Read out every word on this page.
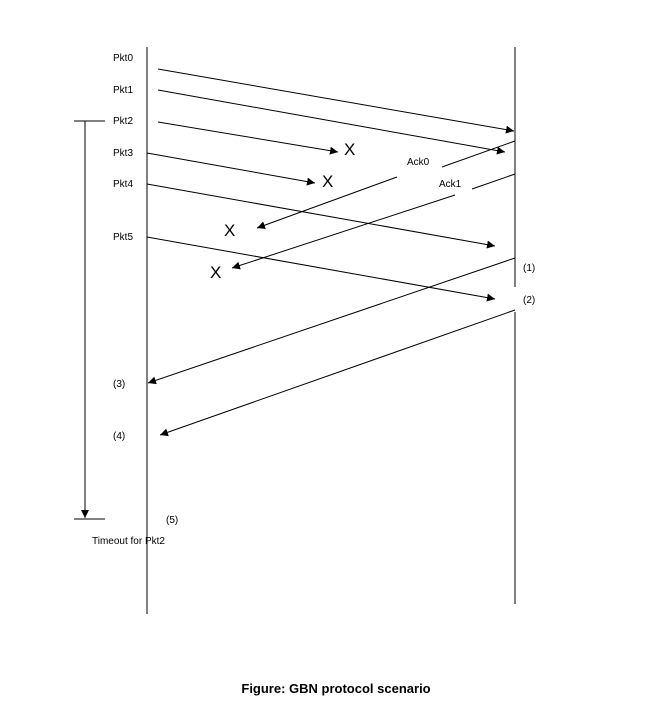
Pkt0
Pkt1
Pkt2
Pkt3
Pkt4
Pkt5
Ack0
Ack1
X
X
X
X	(1)
(2)
(3)
(4)
(5)
Timeout for Pkt2
Figure: GBN protocol scenario
